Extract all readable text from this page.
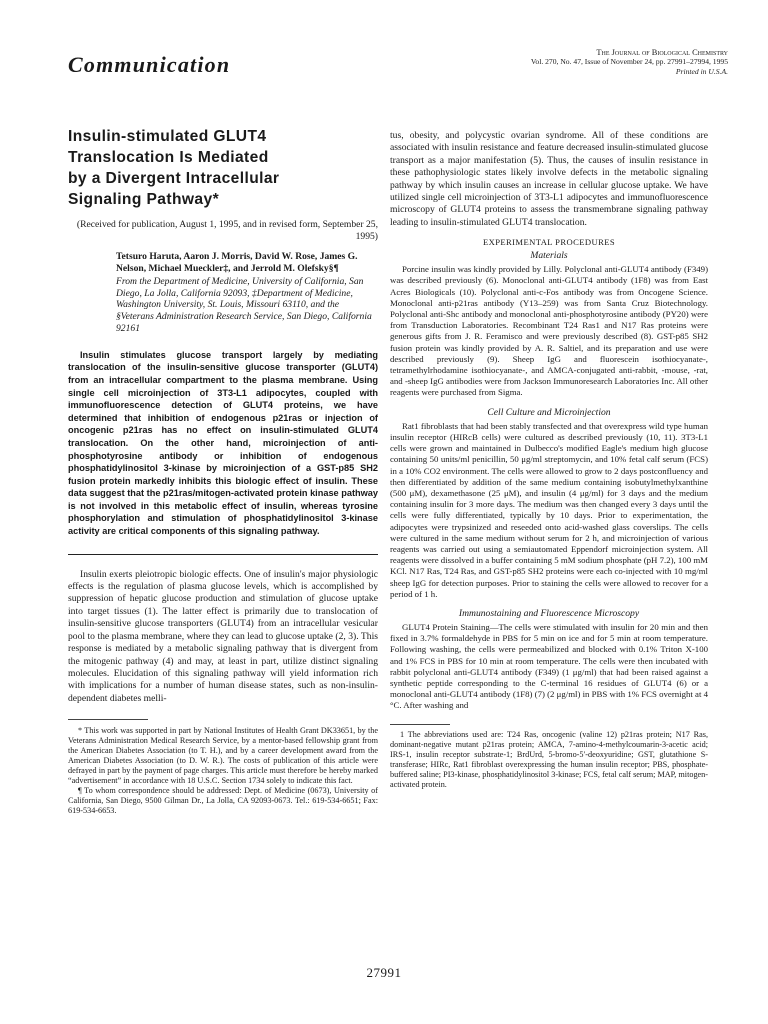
Communication	The Journal of Biological Chemistry
Vol. 270, No. 47, Issue of November 24, pp. 27991–27994, 1995
Printed in U.S.A.
Insulin-stimulated GLUT4
Translocation Is Mediated
by a Divergent Intracellular
Signaling Pathway*
(Received for publication, August 1, 1995, and in revised form, September 25, 1995)
Tetsuro Haruta, Aaron J. Morris, David W. Rose, James G. Nelson, Michael Mueckler‡, and Jerrold M. Olefsky§¶
From the Department of Medicine, University of California, San Diego, La Jolla, California 92093, ‡Department of Medicine, Washington University, St. Louis, Missouri 63110, and the §Veterans Administration Research Service, San Diego, California 92161

Insulin stimulates glucose transport largely by mediating translocation of the insulin-sensitive glucose transporter (GLUT4) from an intracellular compartment to the plasma membrane. Using single cell microinjection of 3T3-L1 adipocytes, coupled with immunofluorescence detection of GLUT4 proteins, we have determined that inhibition of endogenous p21ras or injection of oncogenic p21ras has no effect on insulin-stimulated GLUT4 translocation. On the other hand, microinjection of anti-phosphotyrosine antibody or inhibition of endogenous phosphatidylinositol 3-kinase by microinjection of a GST-p85 SH2 fusion protein markedly inhibits this biologic effect of insulin. These data suggest that the p21ras/mitogen-activated protein kinase pathway is not involved in this metabolic effect of insulin, whereas tyrosine phosphorylation and stimulation of phosphatidylinositol 3-kinase activity are critical components of this signaling pathway.

Insulin exerts pleiotropic biologic effects. One of insulin's major physiologic effects is the regulation of plasma glucose levels, which is accomplished by suppression of hepatic glucose production and stimulation of glucose uptake into target tissues (1). The latter effect is primarily due to translocation of insulin-sensitive glucose transporters (GLUT4) from an intracellular vesicular pool to the plasma membrane, where they can lead to glucose uptake (2, 3). This response is mediated by a metabolic signaling pathway that is divergent from the mitogenic pathway (4) and may, at least in part, utilize distinct signaling molecules. Elucidation of this signaling pathway will yield information rich with implications for a number of human disease states, such as non-insulin-dependent diabetes melli-

* This work was supported in part by National Institutes of Health Grant DK33651, by the Veterans Administration Medical Research Service, by a mentor-based fellowship grant from the American Diabetes Association (to T. H.), and by a career development award from the American Diabetes Association (to D. W. R.). The costs of publication of this article were defrayed in part by the payment of page charges. This article must therefore be hereby marked “advertisement” in accordance with 18 U.S.C. Section 1734 solely to indicate this fact.

¶ To whom correspondence should be addressed: Dept. of Medicine (0673), University of California, San Diego, 9500 Gilman Dr., La Jolla, CA 92093-0673. Tel.: 619-534-6651; Fax: 619-534-6653.

tus, obesity, and polycystic ovarian syndrome. All of these conditions are associated with insulin resistance and feature decreased insulin-stimulated glucose transport as a major manifestation (5). Thus, the causes of insulin resistance in these pathophysiologic states likely involve defects in the metabolic signaling pathway by which insulin causes an increase in cellular glucose uptake. We have utilized single cell microinjection of 3T3-L1 adipocytes and immunofluorescence microscopy of GLUT4 proteins to assess the transmembrane signaling pathway leading to insulin-stimulated GLUT4 translocation.

EXPERIMENTAL PROCEDURES
Materials

Porcine insulin was kindly provided by Lilly. Polyclonal anti-GLUT4 antibody (F349) was described previously (6). Monoclonal anti-GLUT4 antibody (1F8) was from East Acres Biologicals (10). Polyclonal anti-c-Fos antibody was from Oncogene Science. Monoclonal anti-p21ras antibody (Y13–259) was from Santa Cruz Biotechnology. Polyclonal anti-Shc antibody and monoclonal anti-phosphotyrosine antibody (PY20) were from Transduction Laboratories. Recombinant T24 Ras1 and N17 Ras proteins were generous gifts from J. R. Feramisco and were previously described (8). GST-p85 SH2 fusion protein was kindly provided by A. R. Saltiel, and its preparation and use were described previously (9). Sheep IgG and fluorescein isothiocyanate-, tetramethylrhodamine isothiocyanate-, and AMCA-conjugated anti-rabbit, -mouse, -rat, and -sheep IgG antibodies were from Jackson Immunoresearch Laboratories Inc. All other reagents were purchased from Sigma.

Cell Culture and Microinjection

Rat1 fibroblasts that had been stably transfected and that overexpress wild type human insulin receptor (HIRcB cells) were cultured as described previously (10, 11). 3T3-L1 cells were grown and maintained in Dulbecco's modified Eagle's medium high glucose containing 50 units/ml penicillin, 50 μg/ml streptomycin, and 10% fetal calf serum (FCS) in a 10% CO2 environment. The cells were allowed to grow to 2 days postconfluency and then differentiated by addition of the same medium containing isobutylmethylxanthine (500 μM), dexamethasone (25 μM), and insulin (4 μg/ml) for 3 days and the medium containing insulin for 3 more days. The medium was then changed every 3 days until the cells were fully differentiated, typically by 10 days. Prior to experimentation, the adipocytes were trypsinized and reseeded onto acid-washed glass coverslips. The cells were cultured in the same medium without serum for 2 h, and microinjection of various reagents was carried out using a semiautomated Eppendorf microinjection system. All reagents were dissolved in a buffer containing 5 mM sodium phosphate (pH 7.2), 100 mM KCl. N17 Ras, T24 Ras, and GST-p85 SH2 proteins were each co-injected with 10 mg/ml sheep IgG for detection purposes. Prior to staining the cells were allowed to recover for a period of 1 h.

Immunostaining and Fluorescence Microscopy

GLUT4 Protein Staining—The cells were stimulated with insulin for 20 min and then fixed in 3.7% formaldehyde in PBS for 5 min on ice and for 5 min at room temperature. Following washing, the cells were permeabilized and blocked with 0.1% Triton X-100 and 1% FCS in PBS for 10 min at room temperature. The cells were then incubated with rabbit polyclonal anti-GLUT4 antibody (F349) (1 μg/ml) that had been raised against a synthetic peptide corresponding to the C-terminal 16 residues of GLUT4 (6) or a monoclonal anti-GLUT4 antibody (1F8) (7) (2 μg/ml) in PBS with 1% FCS overnight at 4 °C. After washing and

1 The abbreviations used are: T24 Ras, oncogenic (valine 12) p21ras protein; N17 Ras, dominant-negative mutant p21ras protein; AMCA, 7-amino-4-methylcoumarin-3-acetic acid; IRS-1, insulin receptor substrate-1; BrdUrd, 5-bromo-5′-deoxyuridine; GST, glutathione S-transferase; HIRc, Rat1 fibroblast overexpressing the human insulin receptor; PBS, phosphate-buffered saline; PI3-kinase, phosphatidylinositol 3-kinase; FCS, fetal calf serum; MAP, mitogen-activated protein.

27991
